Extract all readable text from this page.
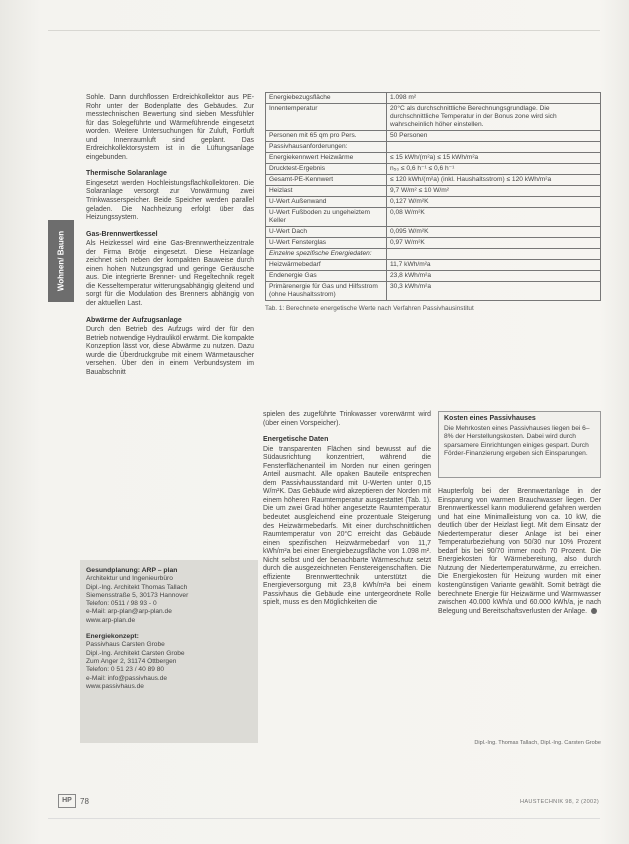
Wohnen/ Bauen

Sohle. Dann durchflossen Erdreichkollektor aus PE-Rohr unter der Bodenplatte des Gebäudes. Zur messtechnischen Bewertung sind sieben Messfühler für das Solegeführte und Wärmeführende eingesetzt worden. Weitere Untersuchungen für Zuluft, Fortluft und Innenraumluft sind geplant. Das Erdreichkollektorsystem ist in die Lüftungsanlage eingebunden.

Thermische Solaranlage

Eingesetzt werden Hochleistungsflachkollektoren. Die Solaranlage versorgt zur Vorwärmung zwei Trinkwasserspeicher. Beide Speicher werden parallel geladen. Die Nachheizung erfolgt über das Heizungssystem.

Gas-Brennwertkessel

Als Heizkessel wird eine Gas-Brennwertheizzentrale der Firma Brötje eingesetzt. Diese Heizanlage zeichnet sich neben der kompakten Bauweise durch einen hohen Nutzungsgrad und geringe Geräusche aus. Die integrierte Brenner- und Regeltechnik regelt die Kesseltemperatur witterungsabhängig gleitend und sorgt für die Modulation des Brenners abhängig von der aktuellen Last.

Abwärme der Aufzugsanlage

Durch den Betrieb des Aufzugs wird der für den Betrieb notwendige Hydrauliköl erwärmt. Die kompakte Konzeption lässt vor, diese Abwärme zu nutzen. Dazu wurde die Überdruckgrube mit einem Wärmetauscher versehen. Über den in einem Verbundsystem im Bauabschnitt

Gesundplanung: ARP – plan
Architektur und Ingenieurbüro
Dipl.-Ing. Architekt Thomas Tallach
Siemensstraße 5, 30173 Hannover
Telefon: 0511 / 98 93 - 0
e-Mail: arp-plan@arp-plan.de
www.arp-plan.de
Energiekonzept:
Passivhaus Carsten Grobe
Dipl.-Ing. Architekt Carsten Grobe
Zum Anger 2, 31174 Ottbergen
Telefon: 0 51 23 / 40 89 80
e-Mail: info@passivhaus.de
www.passivhaus.de
Energiebezugsfläche	1.098 m²
Innentemperatur	20°C als durchschnittliche Berechnungsgrundlage. Die durchschnittliche Temperatur in der Bonus zone wird sich wahrscheinlich höher einstellen.
Personen mit 65 qm pro Pers.	50 Personen
Passivhausanforderungen:	
Energiekennwert Heizwärme	≤ 15 kWh/(m²a) ≤ 15 kWh/m²a
Drucktest-Ergebnis	n₅₀ ≤ 0,6 h⁻¹ ≤ 0,6 h⁻¹
Gesamt-PE-Kennwert	≤ 120 kWh/(m²a) (inkl. Haushaltsstrom) ≤ 120 kWh/m²a
Heizlast	9,7 W/m² ≤ 10 W/m²
U-Wert Außenwand	0,127 W/m²K
U-Wert Fußboden zu ungeheiztem Keller	0,08 W/m²K
U-Wert Dach	0,095 W/m²K
U-Wert Fensterglas	0,97 W/m²K
Einzelne spezifische Energiedaten:	
Heizwärmebedarf	11,7 kWh/m²a
Endenergie Gas	23,8 kWh/m²a
Primärenergie für Gas und Hilfsstrom (ohne Haushaltsstrom)	30,3 kWh/m²a
Tab. 1: Berechnete energetische Werte nach Verfahren Passivhausinstitut

spielen des zugeführte Trinkwasser vorerwärmt wird (über einen Vorspeicher).

Energetische Daten

Die transparenten Flächen sind bewusst auf die Südausrichtung konzentriert, während die Fensterflächenanteil im Norden nur einen geringen Anteil ausmacht. Alle opaken Bauteile entsprechen dem Passivhausstandard mit U-Werten unter 0,15 W/m²K. Das Gebäude wird akzeptieren der Norden mit einem höheren Raumtemperatur ausgestattet (Tab. 1). Die um zwei Grad höher angesetzte Raumtemperatur bedeutet ausgleichend eine prozentuale Steigerung des Heizwärmebedarfs. Mit einer durchschnittlichen Raumtemperatur von 20°C erreicht das Gebäude einen spezifischen Heizwärmebedarf von 11,7 kWh/m²a bei einer Energiebezugsfläche von 1.098 m². Nicht selbst und der benachbarte Wärmeschutz setzt durch die ausgezeichneten Fenstereigenschaften. Die effiziente Brennwerttechnik unterstützt die Energieversorgung mit 23,8 kWh/m²a bei einem Passivhaus die Gebäude eine untergeordnete Rolle spielt, muss es den Möglichkeiten die

Kosten eines Passivhauses
Die Mehrkosten eines Passivhauses liegen bei 6–8% der Herstellungskosten. Dabei wird durch sparsamere Einrichtungen einiges gespart. Durch Förder-Finanzierung ergeben sich Einsparungen.
Haupterfolg bei der Brennwertanlage in der Einsparung von warmen Brauchwasser liegen. Der Brennwertkessel kann modulierend gefahren werden und hat eine Minimalleistung von ca. 10 kW, die deutlich über der Heizlast liegt. Mit dem Einsatz der Niedertemperatur dieser Anlage ist bei einer Temperaturbeziehung von 50/30 nur 10% Prozent bedarf bis bei 90/70 immer noch 70 Prozent. Die Energiekosten für Wärmebereitung, also durch Nutzung der Niedertemperaturwärme, zu erreichen. Die Energiekosten für Heizung wurden mit einer kostengünstigen Variante gewählt. Somit beträgt die berechnete Energie für Heizwärme und Warmwasser zwischen 40.000 kWh/a und 60.000 kWh/a, je nach Belegung und Bereitschaftsverlusten der Anlage.
Dipl.-Ing. Thomas Tallach, Dipl.-Ing. Carsten Grobe
HP	78	HAUSTECHNIK 98, 2 (2002)
